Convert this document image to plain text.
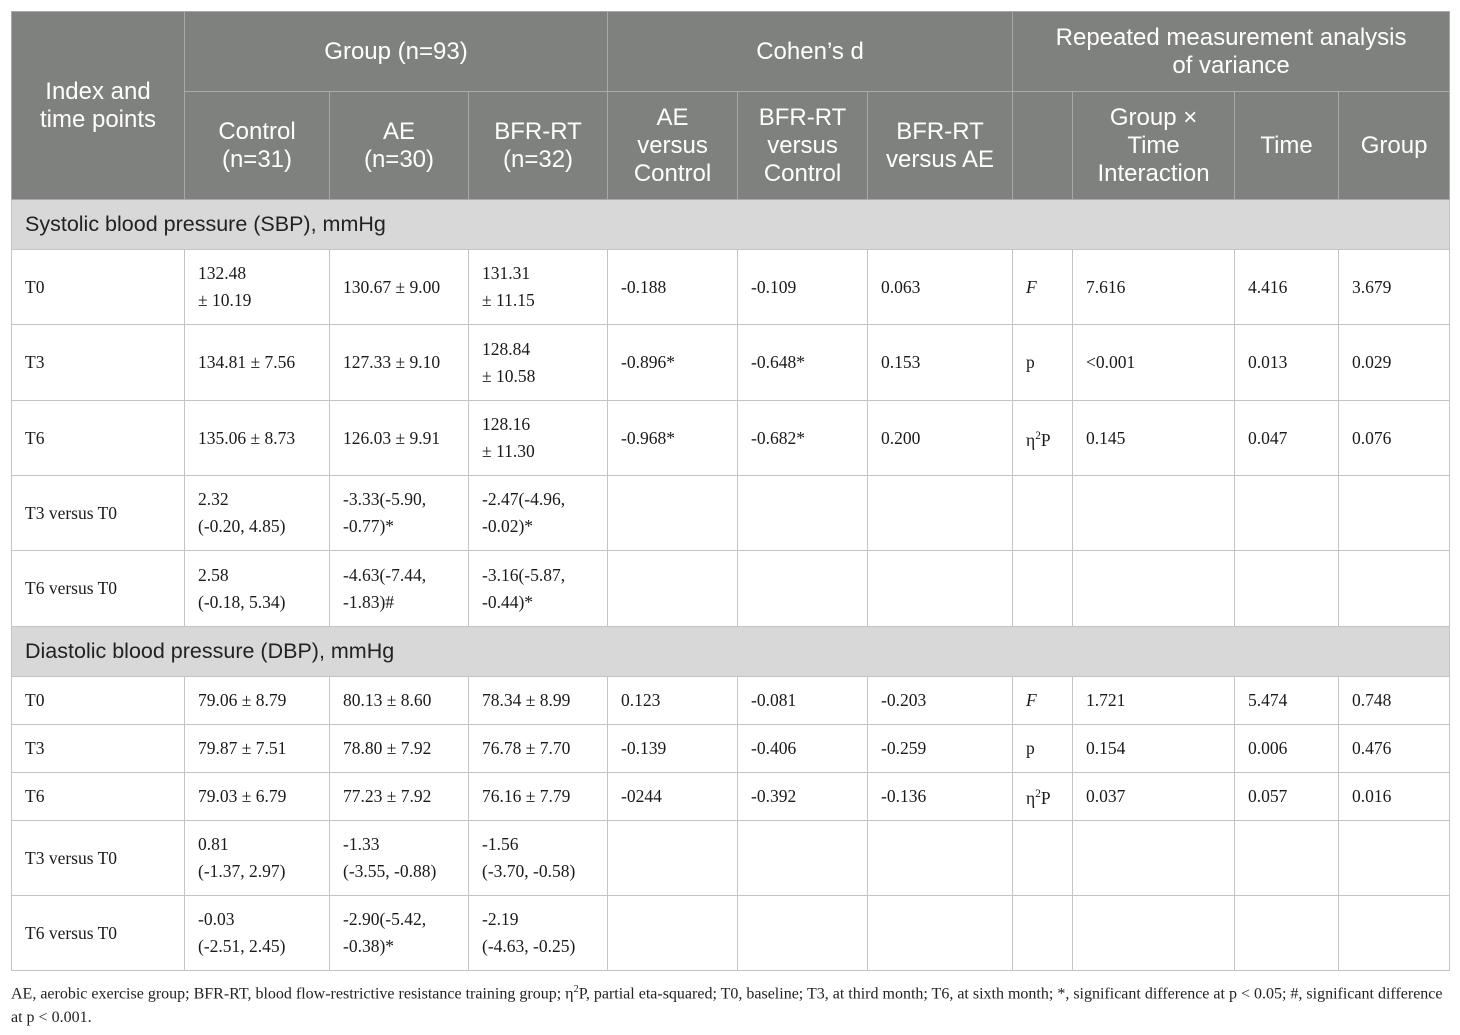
Index and
time points	Group (n=93)			Cohen’s d			Repeated measurement analysis
of variance			
	Control
(n=31)	AE
(n=30)	BFR-RT
(n=32)	AE
versus
Control	BFR-RT
versus
Control	BFR-RT
versus AE		Group ×
Time
Interaction	Time	Group
Systolic blood pressure (SBP), mmHg										
T0	132.48
± 10.19	130.67 ± 9.00	131.31
± 11.15	-0.188	-0.109	0.063	F	7.616	4.416	3.679
T3	134.81 ± 7.56	127.33 ± 9.10	128.84
± 10.58	-0.896*	-0.648*	0.153	p	<0.001	0.013	0.029
T6	135.06 ± 8.73	126.03 ± 9.91	128.16
± 11.30	-0.968*	-0.682*	0.200	$\eta^2P$	0.145	0.047	0.076
T3 versus T0	2.32
(-0.20, 4.85)	-3.33(-5.90,
-0.77)*	-2.47(-4.96,
-0.02)*							
T6 versus T0	2.58
(-0.18, 5.34)	-4.63(-7.44,
-1.83)#	-3.16(-5.87,
-0.44)*							
Diastolic blood pressure (DBP), mmHg										
T0	79.06 ± 8.79	80.13 ± 8.60	78.34 ± 8.99	0.123	-0.081	-0.203	F	1.721	5.474	0.748
T3	79.87 ± 7.51	78.80 ± 7.92	76.78 ± 7.70	-0.139	-0.406	-0.259	p	0.154	0.006	0.476
T6	79.03 ± 6.79	77.23 ± 7.92	76.16 ± 7.79	-0244	-0.392	-0.136	$\eta^2P$	0.037	0.057	0.016
T3 versus T0	0.81
(-1.37, 2.97)	-1.33
(-3.55, -0.88)	-1.56
(-3.70, -0.58)							
T6 versus T0	-0.03
(-2.51, 2.45)	-2.90(-5.42,
-0.38)*	-2.19
(-4.63, -0.25)							
AE, aerobic exercise group; BFR-RT, blood flow-restrictive resistance training group; $\eta^2P$, partial eta-squared; T0, baseline; T3, at third month; T6, at sixth month; *, significant difference at p < 0.05; #, significant difference at p < 0.001.
